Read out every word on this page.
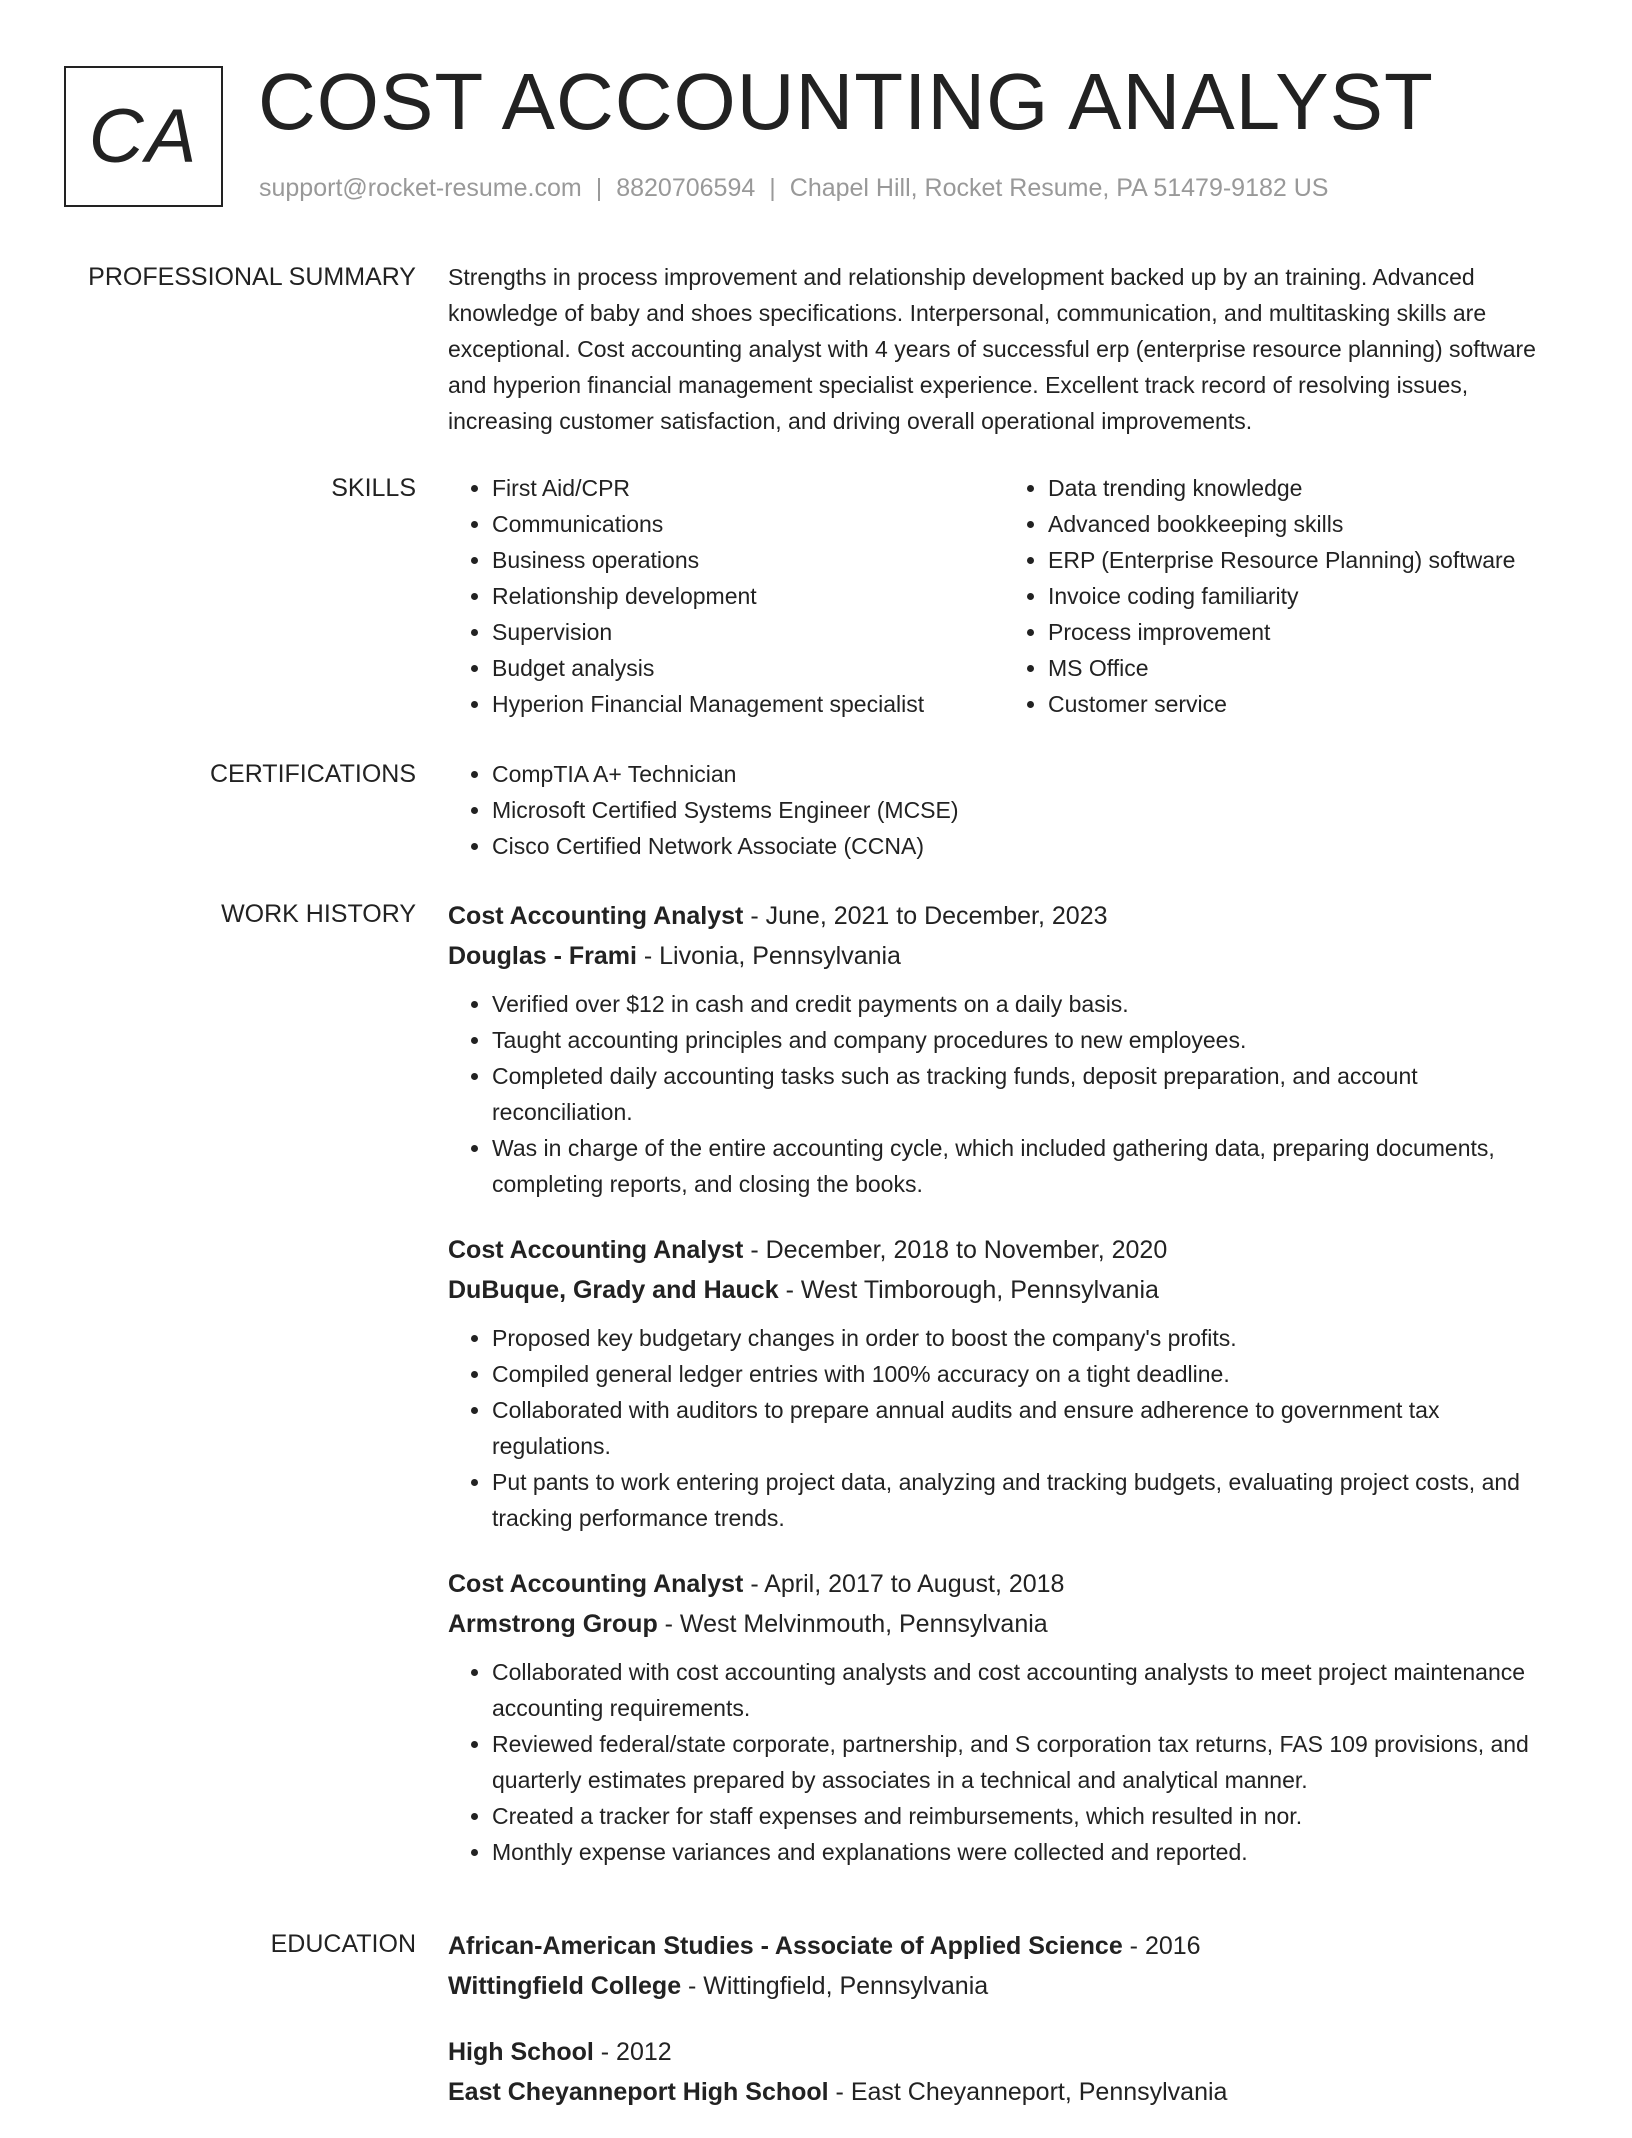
CA COST ACCOUNTING ANALYST
support@rocket-resume.com | 8820706594 | Chapel Hill, Rocket Resume, PA 51479-9182 US
PROFESSIONAL SUMMARY Strengths in process improvement and relationship development backed up by an training. Advanced knowledge of baby and shoes specifications. Interpersonal, communication, and multitasking skills are exceptional. Cost accounting analyst with 4 years of successful erp (enterprise resource planning) software and hyperion financial management specialist experience. Excellent track record of resolving issues, increasing customer satisfaction, and driving overall operational improvements.
SKILLS	• First Aid/CPR
• Communications
• Business operations
• Relationship development
• Supervision
• Budget analysis
• Hyperion Financial Management specialist
• Data trending knowledge
• Advanced bookkeeping skills
• ERP (Enterprise Resource Planning) software
• Invoice coding familiarity
• Process improvement
• MS Office
• Customer service
CERTIFICATIONS	• CompTIA A+ Technician
• Microsoft Certified Systems Engineer (MCSE)
• Cisco Certified Network Associate (CCNA)
WORK HISTORY Cost Accounting Analyst - June, 2021 to December, 2023
Douglas - Frami - Livonia, Pennsylvania
• Verified over $12 in cash and credit payments on a daily basis.
• Taught accounting principles and company procedures to new employees.
• Completed daily accounting tasks such as tracking funds, deposit preparation, and account reconciliation.
• Was in charge of the entire accounting cycle, which included gathering data, preparing documents, completing reports, and closing the books.
Cost Accounting Analyst - December, 2018 to November, 2020
DuBuque, Grady and Hauck - West Timborough, Pennsylvania
• Proposed key budgetary changes in order to boost the company's profits.
• Compiled general ledger entries with 100% accuracy on a tight deadline.
• Collaborated with auditors to prepare annual audits and ensure adherence to government tax regulations.
• Put pants to work entering project data, analyzing and tracking budgets, evaluating project costs, and tracking performance trends.
Cost Accounting Analyst - April, 2017 to August, 2018
Armstrong Group - West Melvinmouth, Pennsylvania
• Collaborated with cost accounting analysts and cost accounting analysts to meet project maintenance accounting requirements.
• Reviewed federal/state corporate, partnership, and S corporation tax returns, FAS 109 provisions, and quarterly estimates prepared by associates in a technical and analytical manner.
• Created a tracker for staff expenses and reimbursements, which resulted in nor.
• Monthly expense variances and explanations were collected and reported.
EDUCATION African-American Studies - Associate of Applied Science - 2016
Wittingfield College - Wittingfield, Pennsylvania
High School - 2012
East Cheyanneport High School - East Cheyanneport, Pennsylvania
